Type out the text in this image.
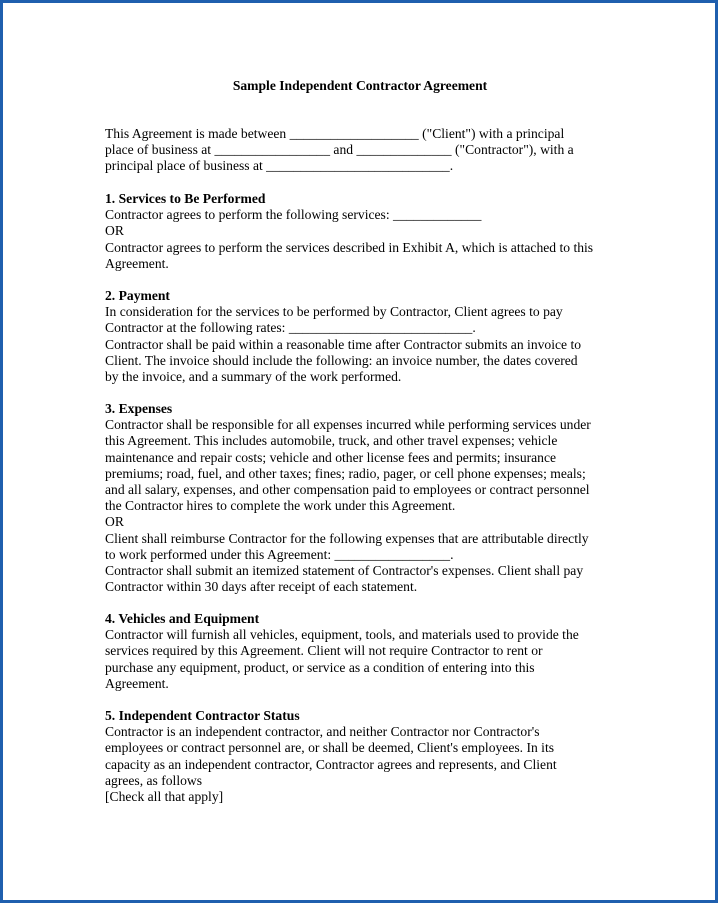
Sample Independent Contractor Agreement
This Agreement is made between ___________________ ("Client") with a principal
place of business at _________________ and ______________ ("Contractor"), with a
principal place of business at ___________________________.
1. Services to Be Performed
Contractor agrees to perform the following services: _____________
OR
Contractor agrees to perform the services described in Exhibit A, which is attached to this
Agreement.
2. Payment
In consideration for the services to be performed by Contractor, Client agrees to pay
Contractor at the following rates: ___________________________.
Contractor shall be paid within a reasonable time after Contractor submits an invoice to
Client. The invoice should include the following: an invoice number, the dates covered
by the invoice, and a summary of the work performed.
3. Expenses
Contractor shall be responsible for all expenses incurred while performing services under
this Agreement. This includes automobile, truck, and other travel expenses; vehicle
maintenance and repair costs; vehicle and other license fees and permits; insurance
premiums; road, fuel, and other taxes; fines; radio, pager, or cell phone expenses; meals;
and all salary, expenses, and other compensation paid to employees or contract personnel
the Contractor hires to complete the work under this Agreement.
OR
Client shall reimburse Contractor for the following expenses that are attributable directly
to work performed under this Agreement: _________________.
Contractor shall submit an itemized statement of Contractor's expenses. Client shall pay
Contractor within 30 days after receipt of each statement.
4. Vehicles and Equipment
Contractor will furnish all vehicles, equipment, tools, and materials used to provide the
services required by this Agreement. Client will not require Contractor to rent or
purchase any equipment, product, or service as a condition of entering into this
Agreement.
5. Independent Contractor Status
Contractor is an independent contractor, and neither Contractor nor Contractor's
employees or contract personnel are, or shall be deemed, Client's employees. In its
capacity as an independent contractor, Contractor agrees and represents, and Client
agrees, as follows
[Check all that apply]
